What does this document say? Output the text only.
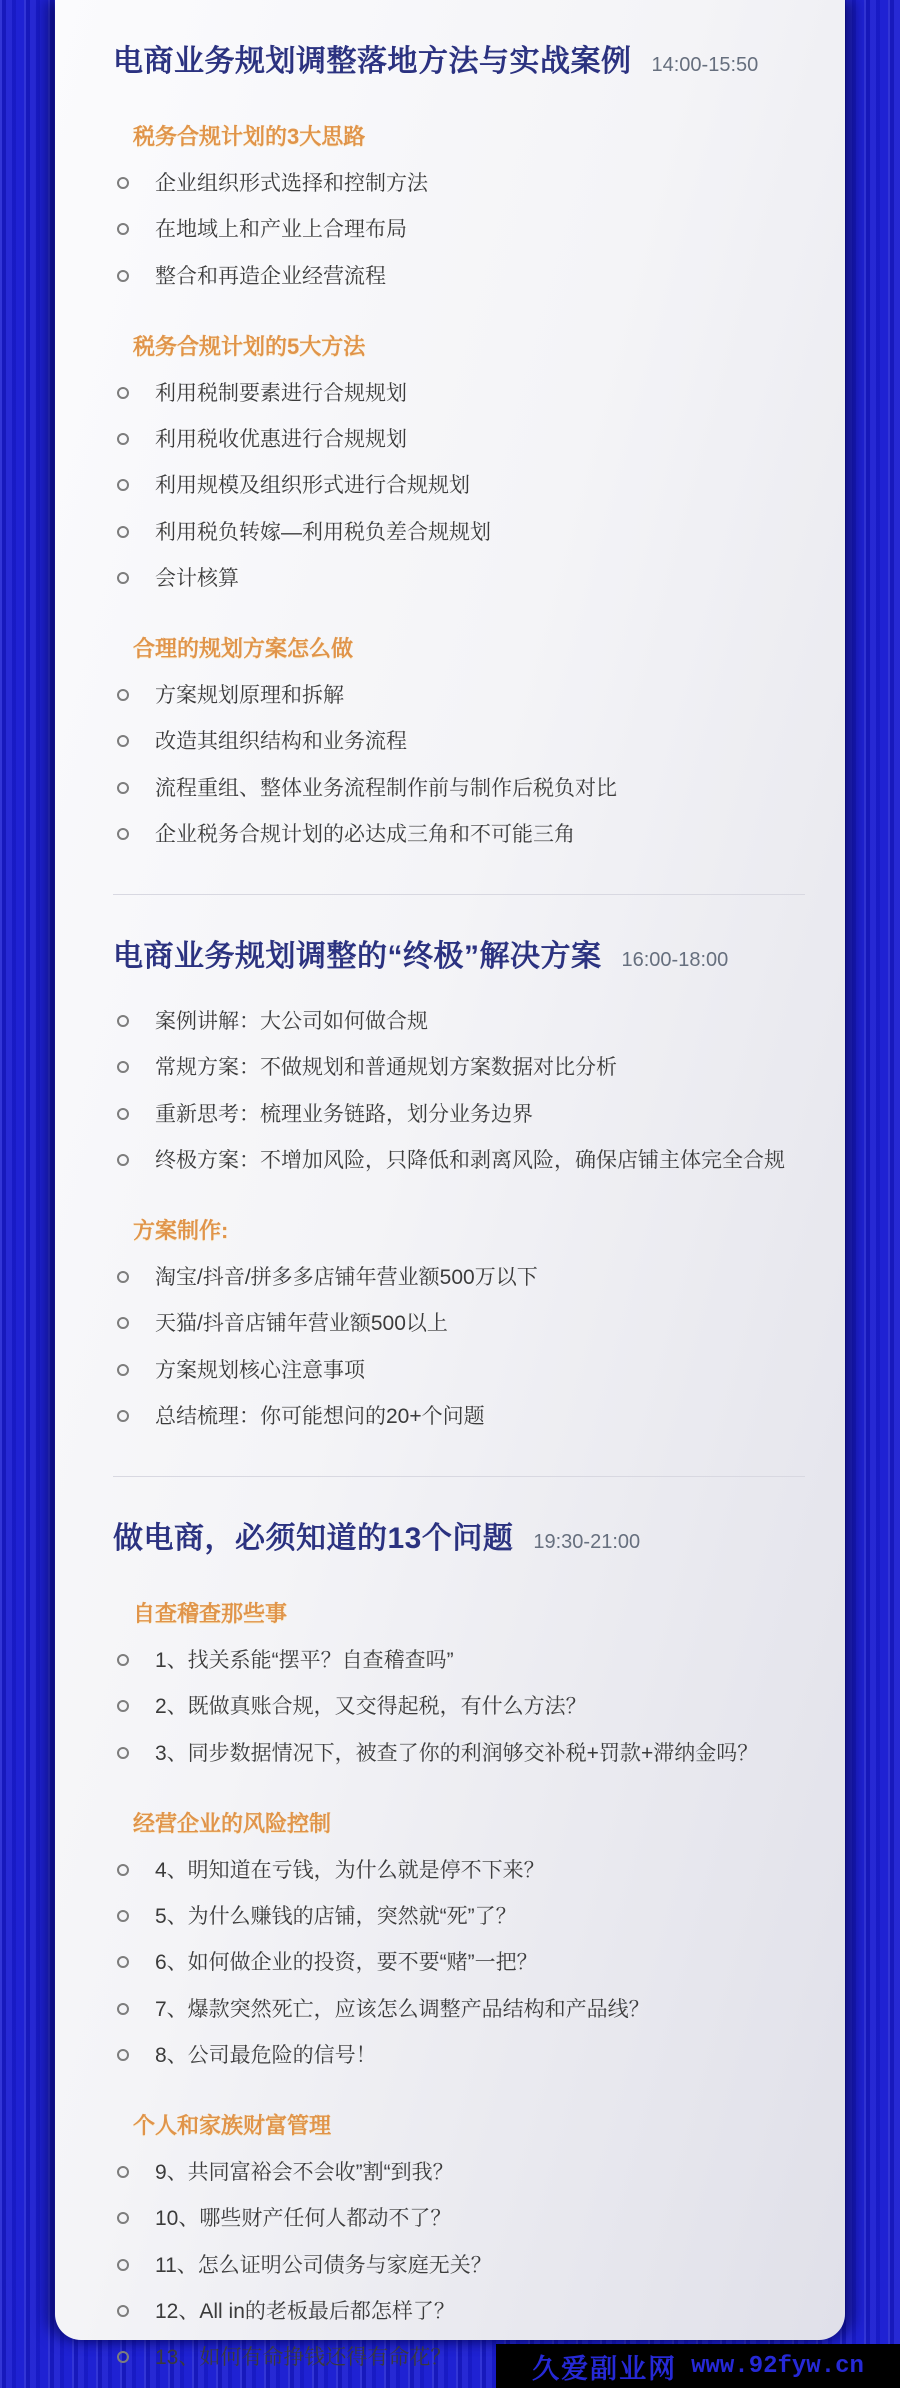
电商业务规划调整落地方法与实战案例 14:00-15:50
税务合规计划的3大思路
企业组织形式选择和控制方法
在地域上和产业上合理布局
整合和再造企业经营流程
税务合规计划的5大方法
利用税制要素进行合规规划
利用税收优惠进行合规规划
利用规模及组织形式进行合规规划
利用税负转嫁—利用税负差合规规划
会计核算
合理的规划方案怎么做
方案规划原理和拆解
改造其组织结构和业务流程
流程重组、整体业务流程制作前与制作后税负对比
企业税务合规计划的必达成三角和不可能三角
电商业务规划调整的“终极”解决方案 16:00-18:00
案例讲解：大公司如何做合规
常规方案：不做规划和普通规划方案数据对比分析
重新思考：梳理业务链路，划分业务边界
终极方案：不增加风险，只降低和剥离风险，确保店铺主体完全合规
方案制作:
淘宝/抖音/拼多多店铺年营业额500万以下
天猫/抖音店铺年营业额500以上
方案规划核心注意事项
总结梳理：你可能想问的20+个问题
做电商，必须知道的13个问题 19:30-21:00
自查稽查那些事
1、找关系能“摆平？自查稽查吗”
2、既做真账合规，又交得起税，有什么方法？
3、同步数据情况下，被查了你的利润够交补税+罚款+滞纳金吗？
经营企业的风险控制
4、明知道在亏钱，为什么就是停不下来？
5、为什么赚钱的店铺，突然就“死”了？
6、如何做企业的投资，要不要“赌”一把？
7、爆款突然死亡，应该怎么调整产品结构和产品线？
8、公司最危险的信号！
个人和家族财富管理
9、共同富裕会不会收”割“到我？
10、哪些财产任何人都动不了？
11、怎么证明公司债务与家庭无关？
12、All in的老板最后都怎样了？
13、如何有命挣钱还得有命花？	久爱副业网 www.92fyw.cn
